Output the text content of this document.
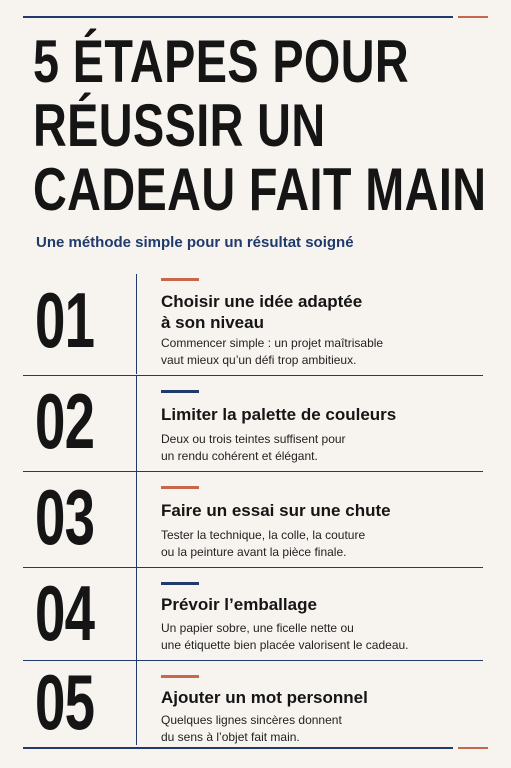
5 ÉTAPES POUR
RÉUSSIR UN
CADEAU FAIT MAIN
Une méthode simple pour un résultat soigné
01	Choisir une idée adaptée
à son niveau
Commencer simple : un projet maîtrisable
vaut mieux qu’un défi trop ambitieux.
02	Limiter la palette de couleurs
Deux ou trois teintes suffisent pour
un rendu cohérent et élégant.
03	Faire un essai sur une chute
Tester la technique, la colle, la couture
ou la peinture avant la pièce finale.
04	Prévoir l’emballage
Un papier sobre, une ficelle nette ou
une étiquette bien placée valorisent le cadeau.
05	Ajouter un mot personnel
Quelques lignes sincères donnent
du sens à l’objet fait main.
